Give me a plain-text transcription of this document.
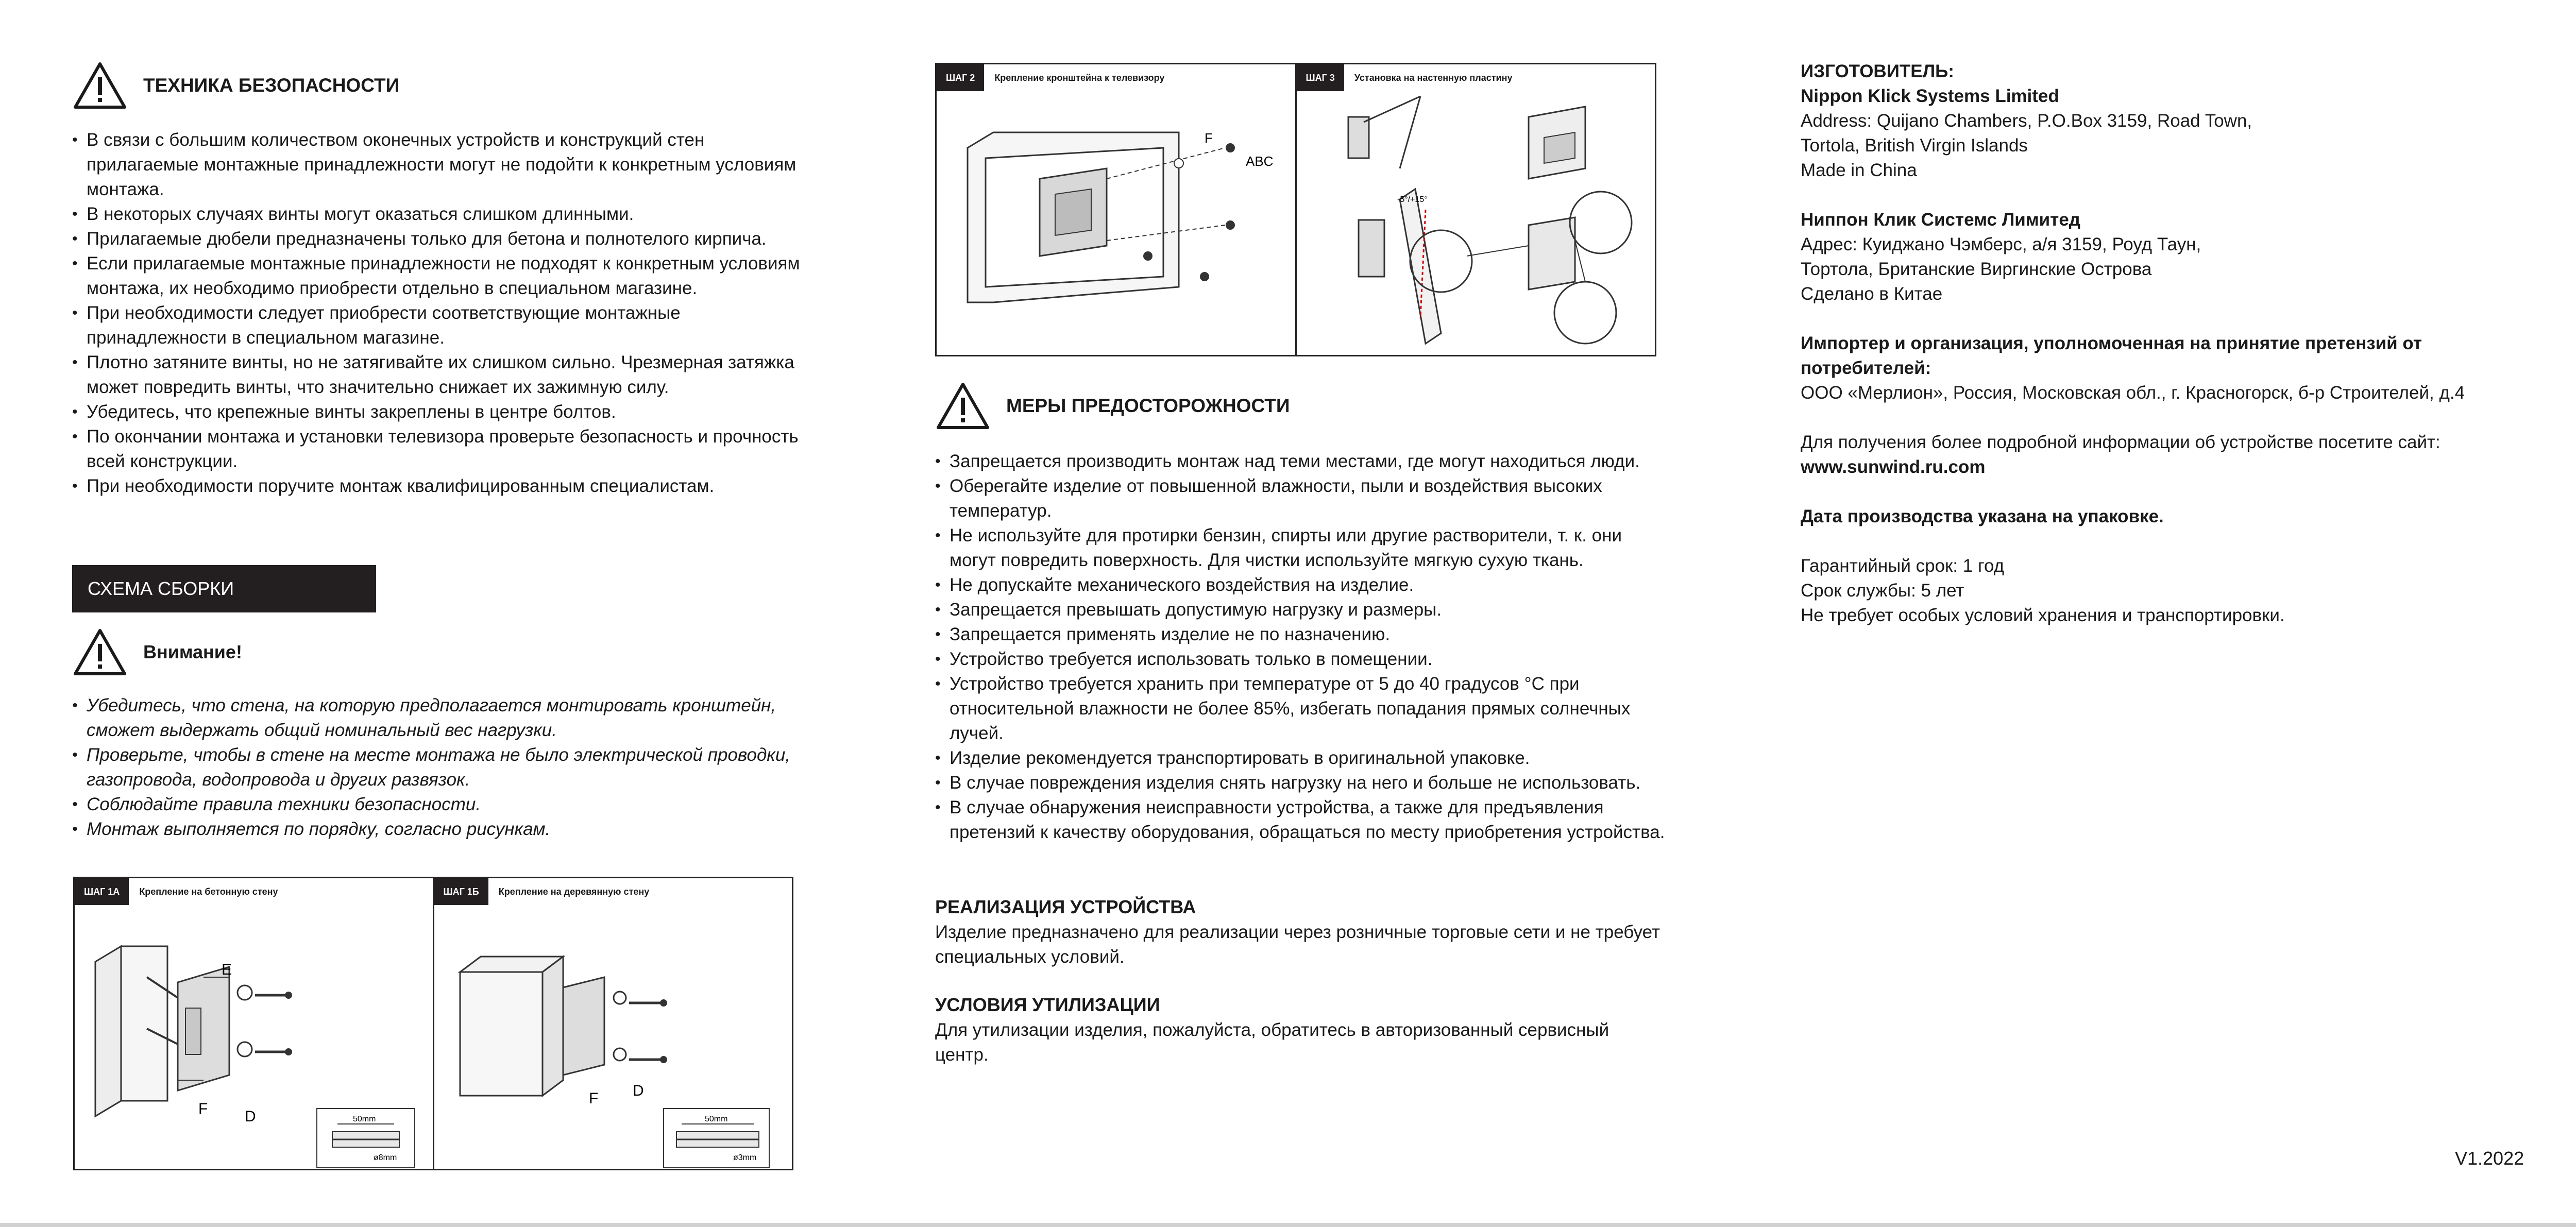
ТЕХНИКА БЕЗОПАСНОСТИ
• В связи с большим количеством оконечных устройств и конструкций стен прилагаемые монтажные принадлежности могут не подойти к конкретным условиям монтажа.
• В некоторых случаях винты могут оказаться слишком длинными.
• Прилагаемые дюбели предназначены только для бетона и полнотелого кирпича.
• Если прилагаемые монтажные принадлежности не подходят к конкретным условиям монтажа, их необходимо приобрести отдельно в специальном магазине.
• При необходимости следует приобрести соответствующие монтажные принадлежности в специальном магазине.
• Плотно затяните винты, но не затягивайте их слишком сильно. Чрезмерная затяжка может повредить винты, что значительно снижает их зажимную силу.
• Убедитесь, что крепежные винты закреплены в центре болтов.
• По окончании монтажа и установки телевизора проверьте безопасность и прочность всей конструкции.
• При необходимости поручите монтаж квалифицированным специалистам.
СХЕМА СБОРКИ
Внимание!
• Убедитесь, что стена, на которую предполагается монтировать кронштейн, сможет выдержать общий номинальный вес нагрузки.
• Проверьте, чтобы в стене на месте монтажа не было электрической проводки, газопровода, водопровода и других развязок.
• Соблюдайте правила техники безопасности.
• Монтаж выполняется по порядку, согласно рисункам.
ШАГ 1А	Крепление на бетонную стену
E
F D	50mm
ø8mm
ШАГ 1Б	Крепление на деревянную стену
F D
50mm
ø3mm
ШАГ 2	Крепление кронштейна к телевизору
F
ABC
ШАГ 3	Установка на настенную пластину
-5°/+15°
МЕРЫ ПРЕДОСТОРОЖНОСТИ
• Запрещается производить монтаж над теми местами, где могут находиться люди.
• Оберегайте изделие от повышенной влажности, пыли и воздействия высоких температур.
• Не используйте для протирки бензин, спирты или другие растворители, т. к. они могут повредить поверхность. Для чистки используйте мягкую сухую ткань.
• Не допускайте механического воздействия на изделие.
• Запрещается превышать допустимую нагрузку и размеры.
• Запрещается применять изделие не по назначению.
• Устройство требуется использовать только в помещении.
• Устройство требуется хранить при температуре от 5 до 40 градусов °С при относительной влажности не более 85%, избегать попадания прямых солнечных лучей.
• Изделие рекомендуется транспортировать в оригинальной упаковке.
• В случае повреждения изделия снять нагрузку на него и больше не использовать.
• В случае обнаружения неисправности устройства, а также для предъявления претензий к качеству оборудования, обращаться по месту приобретения устройства.
РЕАЛИЗАЦИЯ УСТРОЙСТВА

Изделие предназначено для реализации через розничные торговые сети и не требует специальных условий.

УСЛОВИЯ УТИЛИЗАЦИИ

Для утилизации изделия, пожалуйста, обратитесь в авторизованный сервисный центр.

ИЗГОТОВИТЕЛЬ:
Nippon Klick Systems Limited
Address: Quijano Chambers, P.O.Box 3159, Road Town,
Tortola, British Virgin Islands
Made in China
Ниппон Клик Системс Лимитед
Адрес: Куиджано Чэмберс, а/я 3159, Роуд Таун,
Тортола, Британские Виргинские Острова
Сделано в Китае
Импортер и организация, уполномоченная на принятие претензий от потребителей:
ООО «Мерлион», Россия, Московская обл., г. Красногорск, б-р Строителей, д.4
Для получения более подробной информации об устройстве посетите сайт:
www.sunwind.ru.com
Дата производства указана на упаковке.
Гарантийный срок: 1 год
Срок службы: 5 лет
Не требует особых условий хранения и транспортировки.
V1.2022
